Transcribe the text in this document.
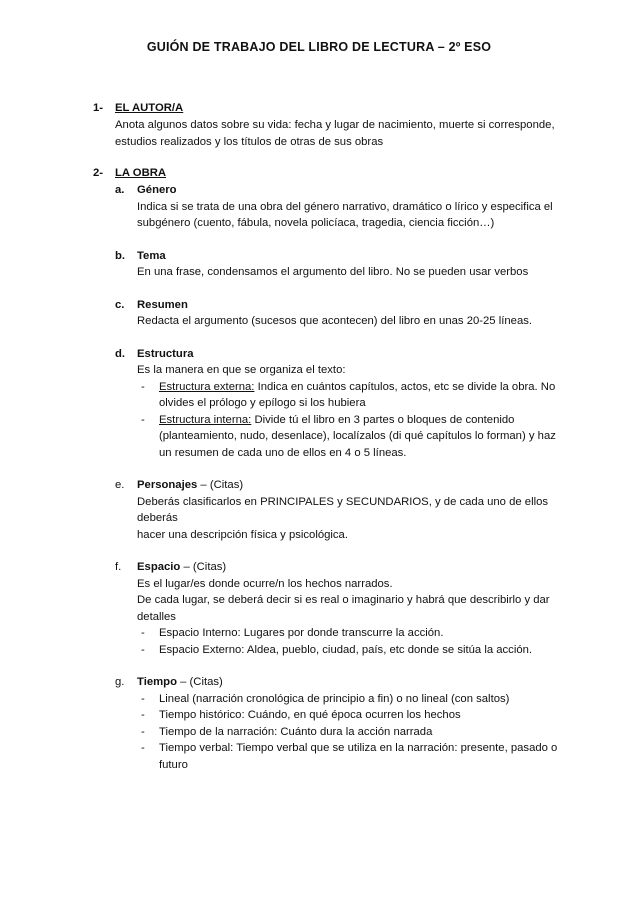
GUIÓN DE TRABAJO DEL LIBRO DE LECTURA – 2º ESO
1- EL AUTOR/A
Anota algunos datos sobre su vida: fecha y lugar de nacimiento, muerte si corresponde,
estudios realizados y los títulos de otras de sus obras
2- LA OBRA
a.	Género
Indica si se trata de una obra del género narrativo, dramático o lírico y especifica el
subgénero (cuento, fábula, novela policíaca, tragedia, ciencia ficción…)
b.	Tema
En una frase, condensamos el argumento del libro. No se pueden usar verbos
c.	Resumen
Redacta el argumento (sucesos que acontecen) del libro en unas 20-25 líneas.
d.	Estructura
Es la manera en que se organiza el texto:
- Estructura externa: Indica en cuántos capítulos, actos, etc se divide la obra. No
olvides el prólogo y epílogo si los hubiera
- Estructura interna: Divide tú el libro en 3 partes o bloques de contenido
(planteamiento, nudo, desenlace), localízalos (di qué capítulos lo forman) y haz
un resumen de cada uno de ellos en 4 o 5 líneas.
e.	Personajes – (Citas)
Deberás clasificarlos en PRINCIPALES y SECUNDARIOS, y de cada uno de ellos deberás
hacer una descripción física y psicológica.
f.	Espacio – (Citas)
Es el lugar/es donde ocurre/n los hechos narrados.
De cada lugar, se deberá decir si es real o imaginario y habrá que describirlo y dar
detalles
- Espacio Interno: Lugares por donde transcurre la acción.
- Espacio Externo: Aldea, pueblo, ciudad, país, etc donde se sitúa la acción.
g.	Tiempo – (Citas)
- Lineal (narración cronológica de principio a fin) o no lineal (con saltos)
- Tiempo histórico: Cuándo, en qué época ocurren los hechos
- Tiempo de la narración: Cuánto dura la acción narrada
- Tiempo verbal: Tiempo verbal que se utiliza en la narración: presente, pasado o
futuro
